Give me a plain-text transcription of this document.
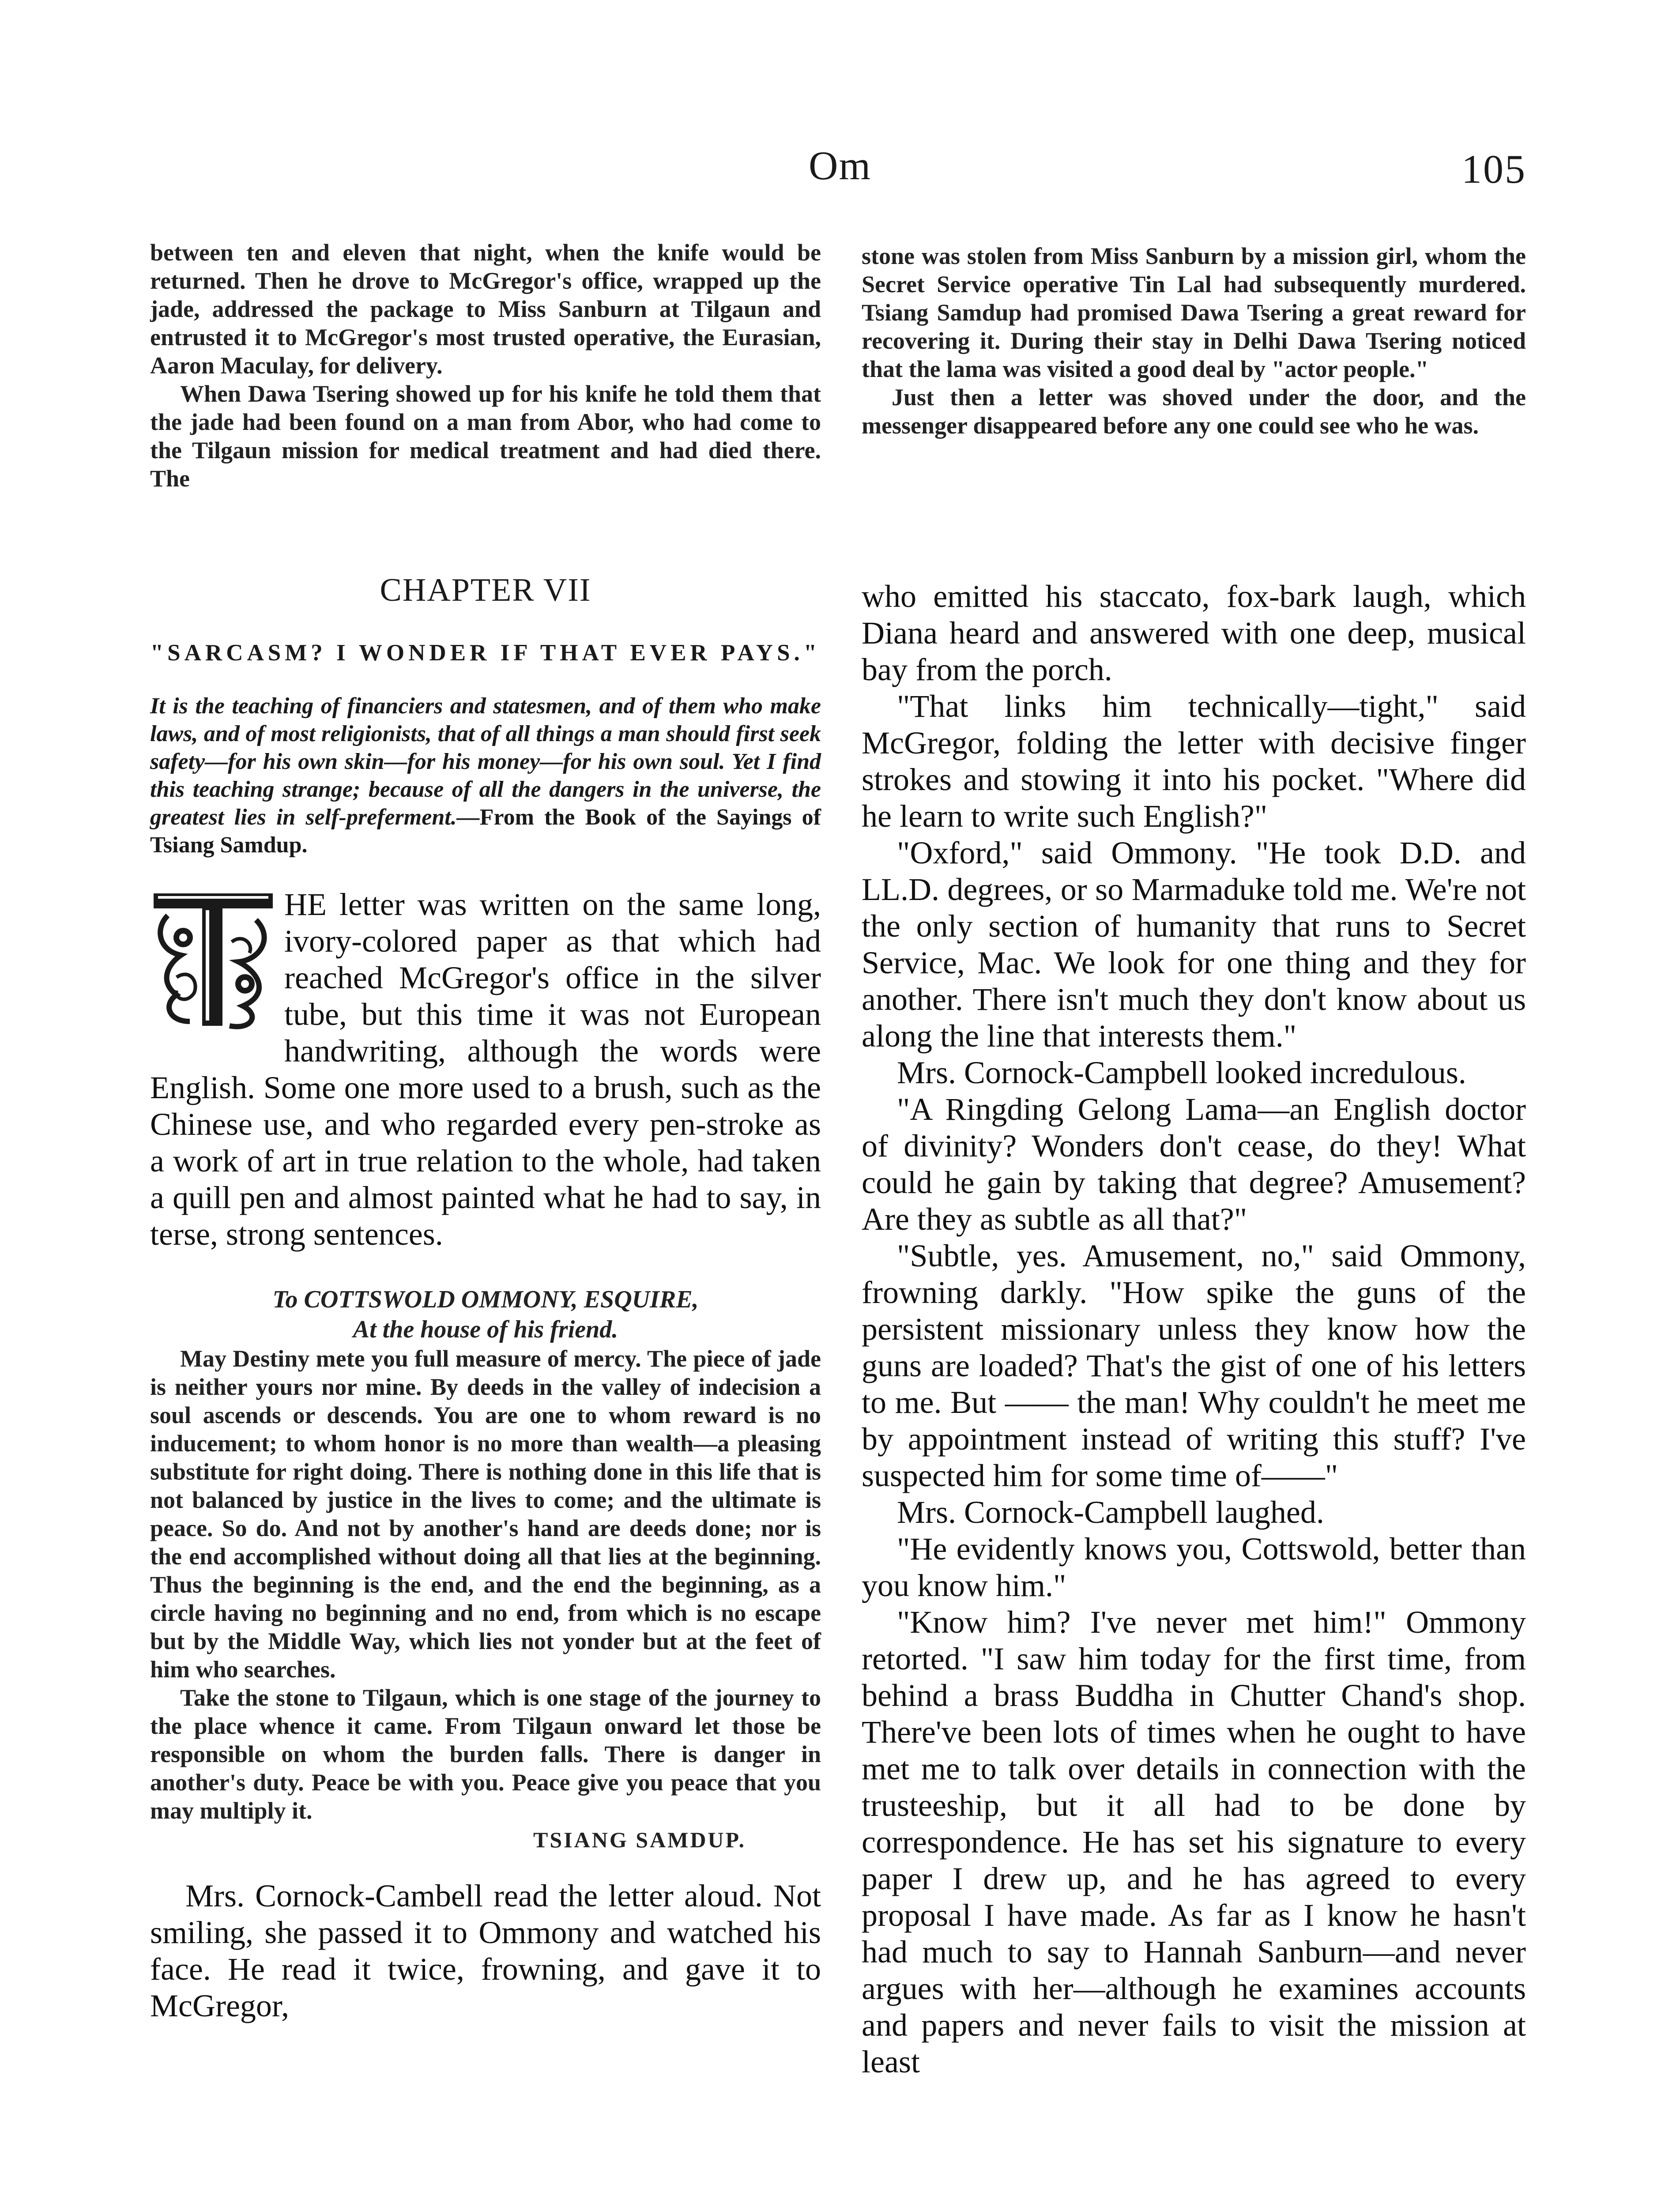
Om	105

between ten and eleven that night, when the knife would be returned. Then he drove to McGregor's office, wrapped up the jade, addressed the package to Miss Sanburn at Tilgaun and entrusted it to McGregor's most trusted operative, the Eurasian, Aaron Maculay, for delivery.

When Dawa Tsering showed up for his knife he told them that the jade had been found on a man from Abor, who had come to the Tilgaun mission for medical treatment and had died there. The

stone was stolen from Miss Sanburn by a mission girl, whom the Secret Service operative Tin Lal had subsequently murdered. Tsiang Samdup had promised Dawa Tsering a great reward for recovering it. During their stay in Delhi Dawa Tsering noticed that the lama was visited a good deal by "actor people."

Just then a letter was shoved under the door, and the messenger disappeared before any one could see who he was.

CHAPTER VII
"SARCASM? I WONDER IF THAT EVER PAYS."
It is the teaching of financiers and statesmen, and of them who make laws, and of most religionists, that of all things a man should first seek safety—for his own skin—for his money—for his own soul. Yet I find this teaching strange; because of all the dangers in the universe, the greatest lies in self-preferment.—From the Book of the Sayings of Tsiang Samdup.
HE letter was written on the same long, ivory-colored paper as that which had reached McGregor's office in the silver tube, but this time it was not European handwriting, although the words were English. Some one more used to a brush, such as the Chinese use, and who regarded every pen-stroke as a work of art in true relation to the whole, had taken a quill pen and almost painted what he had to say, in terse, strong sentences.
To COTTSWOLD OMMONY, ESQUIRE,
At the house of his friend.

May Destiny mete you full measure of mercy. The piece of jade is neither yours nor mine. By deeds in the valley of indecision a soul ascends or descends. You are one to whom reward is no inducement; to whom honor is no more than wealth—a pleasing substitute for right doing. There is nothing done in this life that is not balanced by justice in the lives to come; and the ultimate is peace. So do. And not by another's hand are deeds done; nor is the end accomplished without doing all that lies at the beginning. Thus the beginning is the end, and the end the beginning, as a circle having no beginning and no end, from which is no escape but by the Middle Way, which lies not yonder but at the feet of him who searches.

Take the stone to Tilgaun, which is one stage of the journey to the place whence it came. From Tilgaun onward let those be responsible on whom the burden falls. There is danger in another's duty. Peace be with you. Peace give you peace that you may multiply it.

TSIANG SAMDUP.

Mrs. Cornock-Cambell read the letter aloud. Not smiling, she passed it to Ommony and watched his face. He read it twice, frowning, and gave it to McGregor,

who emitted his staccato, fox-bark laugh, which Diana heard and answered with one deep, musical bay from the porch.

"That links him technically—tight," said McGregor, folding the letter with decisive finger strokes and stowing it into his pocket. "Where did he learn to write such English?"

"Oxford," said Ommony. "He took D.D. and LL.D. degrees, or so Marmaduke told me. We're not the only section of humanity that runs to Secret Service, Mac. We look for one thing and they for another. There isn't much they don't know about us along the line that interests them."

Mrs. Cornock-Campbell looked incredulous.

"A Ringding Gelong Lama—an English doctor of divinity? Wonders don't cease, do they! What could he gain by taking that degree? Amusement? Are they as subtle as all that?"

"Subtle, yes. Amusement, no," said Ommony, frowning darkly. "How spike the guns of the persistent missionary unless they know how the guns are loaded? That's the gist of one of his letters to me. But —— the man! Why couldn't he meet me by appointment instead of writing this stuff? I've suspected him for some time of——"

Mrs. Cornock-Campbell laughed.

"He evidently knows you, Cottswold, better than you know him."

"Know him? I've never met him!" Ommony retorted. "I saw him today for the first time, from behind a brass Buddha in Chutter Chand's shop. There've been lots of times when he ought to have met me to talk over details in connection with the trusteeship, but it all had to be done by correspondence. He has set his signature to every paper I drew up, and he has agreed to every proposal I have made. As far as I know he hasn't had much to say to Hannah Sanburn—and never argues with her—although he examines accounts and papers and never fails to visit the mission at least
